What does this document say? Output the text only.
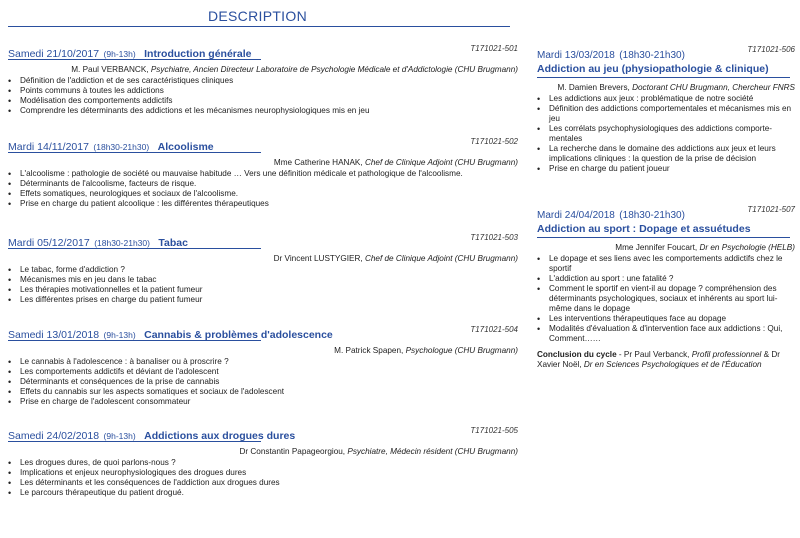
DESCRIPTION
Samedi 21/10/2017 (9h-13h) Introduction générale	T171021-501
M. Paul VERBANCK, Psychiatre, Ancien Directeur Laboratoire de Psychologie Médicale et d'Addictologie (CHU Brugmann)
• Définition de l'addiction et de ses caractéristiques cliniques
• Points communs à toutes les addictions
• Modélisation des comportements addictifs
• Comprendre les déterminants des addictions et les mécanismes neurophysiologiques mis en jeu
Mardi 14/11/2017 (18h30-21h30) Alcoolisme	T171021-502
Mme Catherine HANAK, Chef de Clinique Adjoint (CHU Brugmann)
• L'alcoolisme : pathologie de société ou mauvaise habitude … Vers une définition médicale et pathologique de l'alcoolisme.
• Déterminants de l'alcoolisme, facteurs de risque.
• Effets somatiques, neurologiques et sociaux de l'alcoolisme.
• Prise en charge du patient alcoolique : les différentes thérapeutiques
Mardi 05/12/2017 (18h30-21h30) Tabac	T171021-503
Dr Vincent LUSTYGIER, Chef de Clinique Adjoint (CHU Brugmann)
• Le tabac, forme d'addiction ?
• Mécanismes mis en jeu dans le tabac
• Les thérapies motivationnelles et la patient fumeur
• Les différentes prises en charge du patient fumeur
Samedi 13/01/2018 (9h-13h) Cannabis & problèmes d'adolescence	T171021-504
M. Patrick Spapen, Psychologue (CHU Brugmann)
• Le cannabis à l'adolescence : à banaliser ou à proscrire ?
• Les comportements addictifs et déviant de l'adolescent
• Déterminants et conséquences de la prise de cannabis
• Effets du cannabis sur les aspects somatiques et sociaux de l'adolescent
• Prise en charge de l'adolescent consommateur
Samedi 24/02/2018 (9h-13h) Addictions aux drogues dures	T171021-505
Dr Constantin Papageorgiou, Psychiatre, Médecin résident (CHU Brugmann)
• Les drogues dures, de quoi parlons-nous ?
• Implications et enjeux neurophysiologiques des drogues dures
• Les déterminants et les conséquences de l'addiction aux drogues dures
• Le parcours thérapeutique du patient drogué.
Mardi 13/03/2018 (18h30-21h30)
T171021-506
Addiction au jeu (physiopathologie & clinique)
M. Damien Brevers, Doctorant CHU Brugmann, Chercheur FNRS
• Les addictions aux jeux : problématique de notre société
• Définition des addictions comportementales et mécanismes mis en jeu
• Les corrélats psychophysiologiques des addictions comporte-mentales
• La recherche dans le domaine des addictions aux jeux et leurs implications cliniques : la question de la prise de décision
• Prise en charge du patient joueur
Mardi 24/04/2018 (18h30-21h30)
T171021-507
Addiction au sport : Dopage et assuétudes
Mme Jennifer Foucart, Dr en Psychologie (HELB)
• Le dopage et ses liens avec les comportements addictifs chez le sportif
• L'addiction au sport : une fatalité ?
• Comment le sportif en vient-il au dopage ? compréhension des déterminants psychologiques, sociaux et inhérents au sport lui-même dans le dopage
• Les interventions thérapeutiques face au dopage
• Modalités d'évaluation & d'intervention face aux addictions : Qui, Comment……
Conclusion du cycle - Pr Paul Verbanck, Profil professionnel & Dr Xavier Noël, Dr en Sciences Psychologiques et de l'Éducation
